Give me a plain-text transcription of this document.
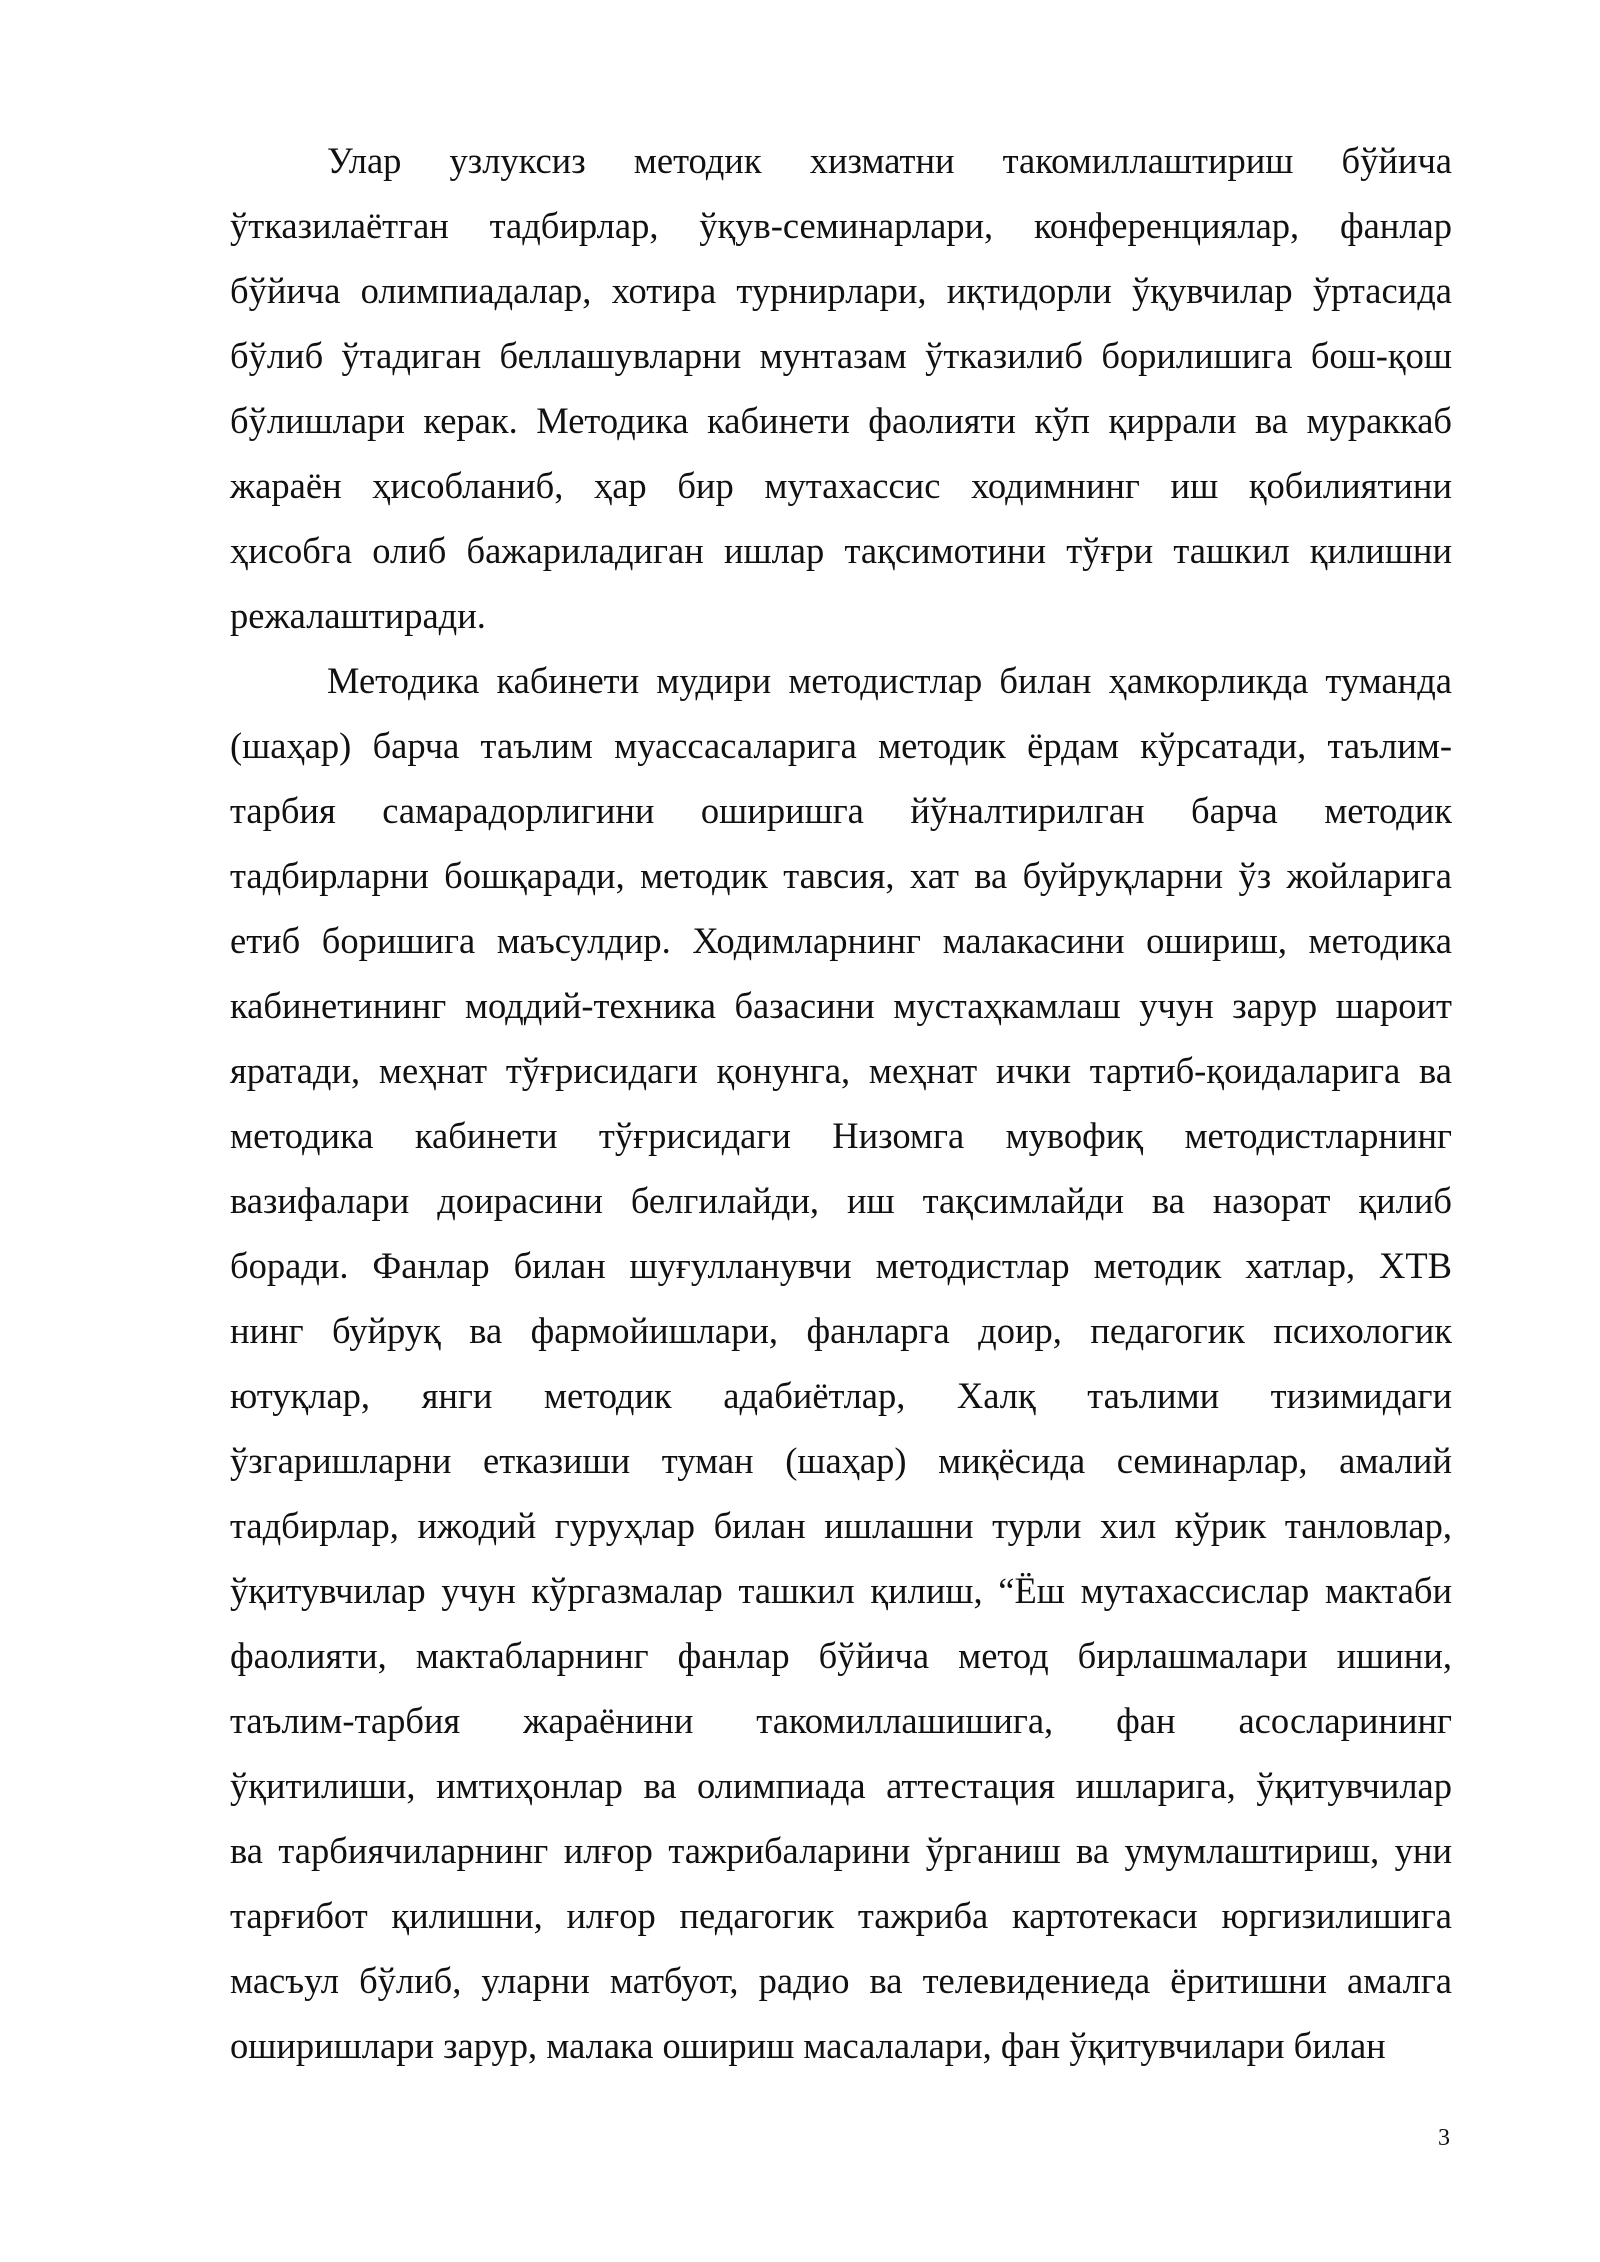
Улар узлуксиз методик хизматни такомиллаштириш бўйича
ўтказилаётган тадбирлар, ўқув-семинарлари, конференциялар, фанлар
бўйича олимпиадалар, хотира турнирлари, иқтидорли ўқувчилар ўртасида
бўлиб ўтадиган беллашувларни мунтазам ўтказилиб борилишига бош-қош
бўлишлари керак. Методика кабинети фаолияти кўп қиррали ва мураккаб
жараён ҳисобланиб, ҳар бир мутахассис ходимнинг иш қобилиятини
ҳисобга олиб бажариладиган ишлар тақсимотини тўғри ташкил қилишни
режалаштиради.
Методика кабинети мудири методистлар билан ҳамкорликда туманда
(шаҳар) барча таълим муассасаларига методик ёрдам кўрсатади, таълим-
тарбия самарадорлигини оширишга йўналтирилган барча методик
тадбирларни бошқаради, методик тавсия, хат ва буйруқларни ўз жойларига
етиб боришига маъсулдир. Ходимларнинг малакасини ошириш, методика
кабинетининг моддий-техника базасини мустаҳкамлаш учун зарур шароит
яратади, меҳнат тўғрисидаги қонунга, меҳнат ички тартиб-қоидаларига ва
методика кабинети тўғрисидаги Низомга мувофиқ методистларнинг
вазифалари доирасини белгилайди, иш тақсимлайди ва назорат қилиб
боради. Фанлар билан шуғулланувчи методистлар методик хатлар, ХТВ
нинг буйруқ ва фармойишлари, фанларга доир, педагогик психологик
ютуқлар, янги методик адабиётлар, Халқ таълими тизимидаги
ўзгаришларни етказиши туман (шаҳар) миқёсида семинарлар, амалий
тадбирлар, ижодий гуруҳлар билан ишлашни турли хил кўрик танловлар,
ўқитувчилар учун кўргазмалар ташкил қилиш, “Ёш мутахассислар мактаби
фаолияти, мактабларнинг фанлар бўйича метод бирлашмалари ишини,
таълим-тарбия жараёнини такомиллашишига, фан асосларининг
ўқитилиши, имтиҳонлар ва олимпиада аттестация ишларига, ўқитувчилар
ва тарбиячиларнинг илғор тажрибаларини ўрганиш ва умумлаштириш, уни
тарғибот қилишни, илғор педагогик тажриба картотекаси юргизилишига
масъул бўлиб, уларни матбуот, радио ва телевидениеда ёритишни амалга
оширишлари зарур, малака ошириш масалалари, фан ўқитувчилари билан
3
